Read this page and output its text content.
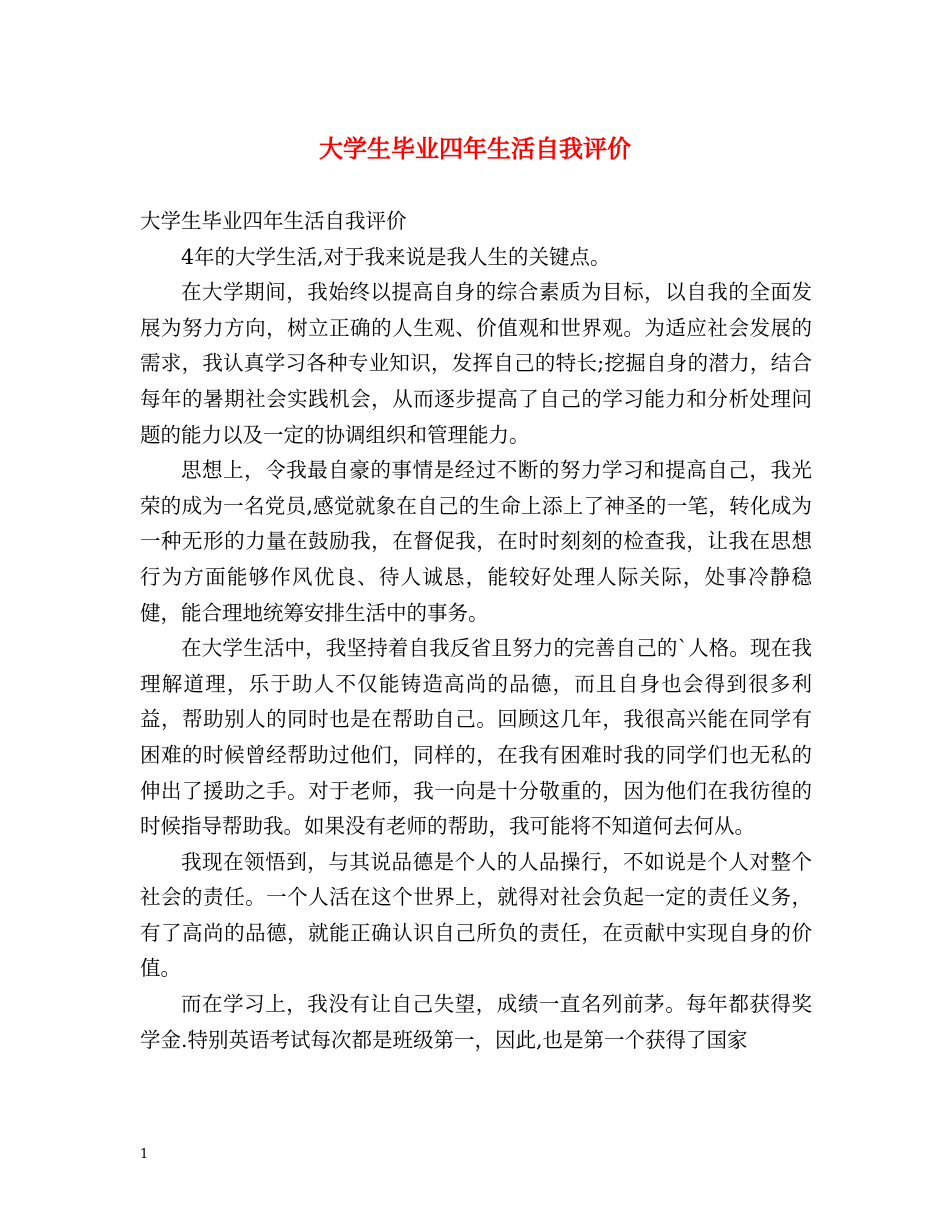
大学生毕业四年生活自我评价

大学生毕业四年生活自我评价

4年的大学生活,对于我来说是我人生的关键点。

在大学期间，我始终以提高自身的综合素质为目标，以自我的全面发展为努力方向，树立正确的人生观、价值观和世界观。为适应社会发展的需求，我认真学习各种专业知识，发挥自己的特长;挖掘自身的潜力，结合每年的暑期社会实践机会，从而逐步提高了自己的学习能力和分析处理问题的能力以及一定的协调组织和管理能力。

思想上，令我最自豪的事情是经过不断的努力学习和提高自己，我光荣的成为一名党员,感觉就象在自己的生命上添上了神圣的一笔，转化成为一种无形的力量在鼓励我，在督促我，在时时刻刻的检查我，让我在思想行为方面能够作风优良、待人诚恳，能较好处理人际关际，处事冷静稳健，能合理地统筹安排生活中的事务。

在大学生活中，我坚持着自我反省且努力的完善自己的`人格。现在我理解道理，乐于助人不仅能铸造高尚的品德，而且自身也会得到很多利益，帮助别人的同时也是在帮助自己。回顾这几年，我很高兴能在同学有困难的时候曾经帮助过他们，同样的，在我有困难时我的同学们也无私的伸出了援助之手。对于老师，我一向是十分敬重的，因为他们在我彷徨的时候指导帮助我。如果没有老师的帮助，我可能将不知道何去何从。

我现在领悟到，与其说品德是个人的人品操行，不如说是个人对整个社会的责任。一个人活在这个世界上，就得对社会负起一定的责任义务，有了高尚的品德，就能正确认识自己所负的责任，在贡献中实现自身的价值。

而在学习上，我没有让自己失望，成绩一直名列前茅。每年都获得奖学金.特别英语考试每次都是班级第一，因此,也是第一个获得了国家

1
